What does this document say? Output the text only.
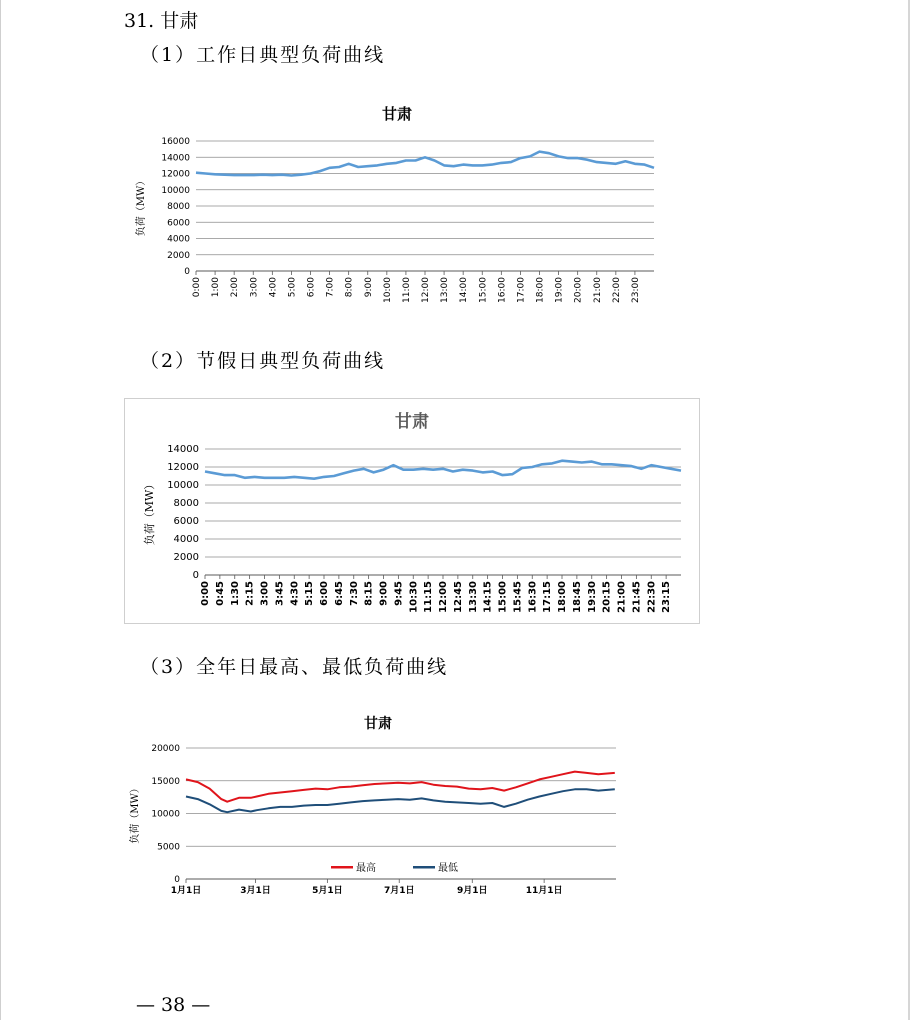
31. 甘肃
（1）工作日典型负荷曲线
（2）节假日典型负荷曲线
（3）全年日最高、最低负荷曲线
甘肃
0
2000
4000
6000
8000
10000
12000
14000
16000
0:00 1:00 2:00 3:00 4:00 5:00 6:00 7:00 8:00 9:00 10:00 11:00 12:00 13:00 14:00 15:00 16:00 17:00 18:00 19:00 20:00 21:00 22:00 23:00
负荷（MW）
甘肃
0
2000
4000
6000
8000
10000
12000
14000
0:00 0:45 1:30 2:15 3:00 3:45 4:30 5:15 6:00 6:45 7:30 8:15 9:00 9:45 10:30 11:15 12:00 12:45 13:30 14:15 15:00 15:45 16:30 17:15 18:00 18:45 19:30 20:15 21:00 21:45 22:30 23:15
负荷（MW）
甘肃
0
5000
10000
15000
20000
1月1日	3月1日	5月1日	7月1日	9月1日	11月1日
负荷（MW）
最高	最低
— 38 —
